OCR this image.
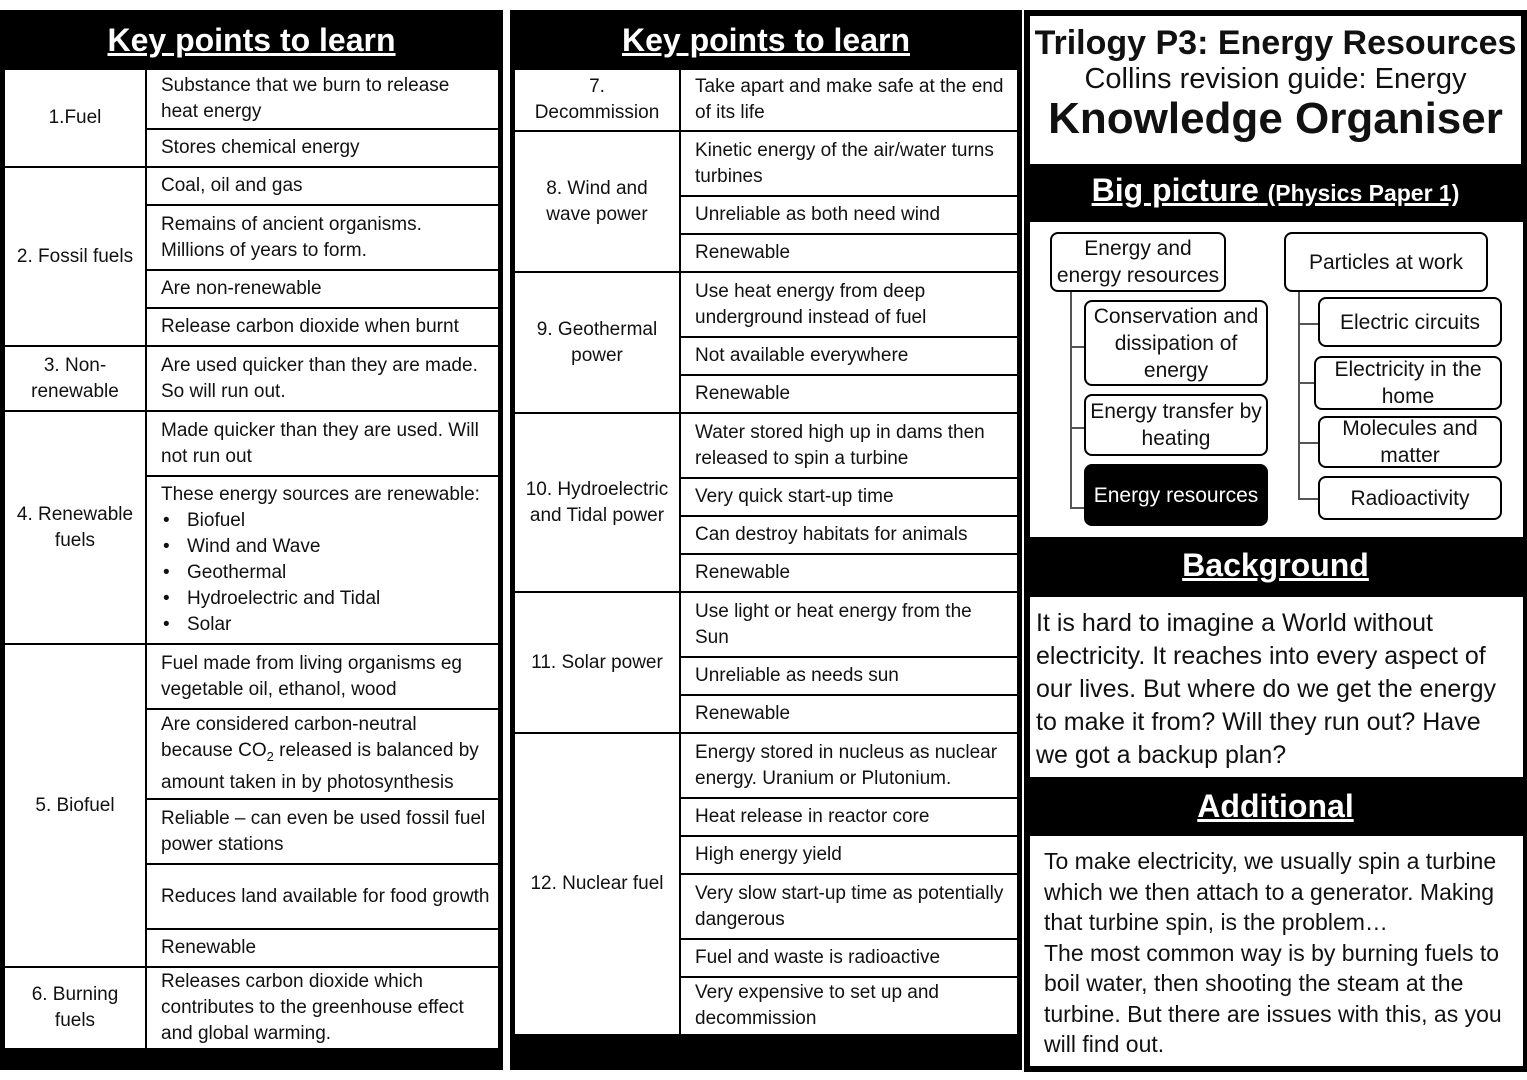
Key points to learn
1.Fuel
Substance that we burn to release heat energy
Stores chemical energy
2. Fossil fuels
Coal, oil and gas
Remains of ancient organisms. Millions of years to form.
Are non-renewable
Release carbon dioxide when burnt
3. Non-renewable
Are used quicker than they are made. So will run out.
4. Renewable fuels
Made quicker than they are used. Will not run out
These energy sources are renewable:
• Biofuel
• Wind and Wave
• Geothermal
• Hydroelectric and Tidal
• Solar
5. Biofuel
Fuel made from living organisms eg vegetable oil, ethanol, wood
Are considered carbon-neutral because $CO_2$ released is balanced by amount taken in by photosynthesis
Reliable – can even be used fossil fuel power stations
Reduces land available for food growth
Renewable
6. Burning fuels
Releases carbon dioxide which contributes to the greenhouse effect and global warming.
Key points to learn
7. Decommission
Take apart and make safe at the end of its life
8. Wind and wave power
Kinetic energy of the air/water turns turbines
Unreliable as both need wind
Renewable
9. Geothermal power
Use heat energy from deep underground instead of fuel
Not available everywhere
Renewable
10. Hydroelectric and Tidal power
Water stored high up in dams then released to spin a turbine
Very quick start-up time
Can destroy habitats for animals
Renewable
11. Solar power
Use light or heat energy from the Sun
Unreliable as needs sun
Renewable
12. Nuclear fuel
Energy stored in nucleus as nuclear energy. Uranium or Plutonium.
Heat release in reactor core
High energy yield
Very slow start-up time as potentially dangerous
Fuel and waste is radioactive
Very expensive to set up and decommission
Trilogy P3: Energy Resources
Collins revision guide: Energy
Knowledge Organiser
Big picture (Physics Paper 1)
Energy and energy resources
Conservation and dissipation of energy
Energy transfer by heating
Energy resources
Particles at work
Electric circuits
Electricity in the home
Molecules and matter
Radioactivity
Background
It is hard to imagine a World without electricity. It reaches into every aspect of our lives. But where do we get the energy to make it from? Will they run out? Have we got a backup plan?
Additional
To make electricity, we usually spin a turbine which we then attach to a generator. Making that turbine spin, is the problem…
The most common way is by burning fuels to boil water, then shooting the steam at the turbine. But there are issues with this, as you will find out.
